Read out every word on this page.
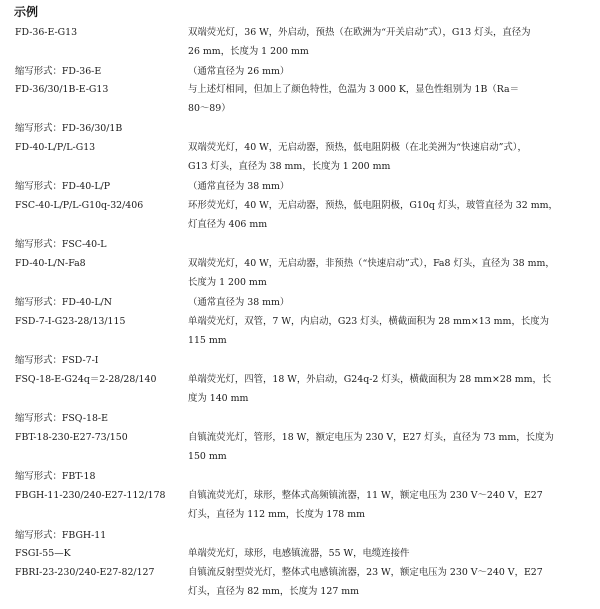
示例
FD-36-E-G13	双端荧光灯，36 W，外启动，预热（在欧洲为“开关启动”式），G13 灯头，直径为
26 mm，长度为 1 200 mm
缩写形式：FD-36-E	（通常直径为 26 mm）
FD-36/30/1B-E-G13	与上述灯相同，但加上了颜色特性，色温为 3 000 K，显色性组别为 1B（Ra＝
80～89）
缩写形式：FD-36/30/1B
FD-40-L/P/L-G13	双端荧光灯，40 W，无启动器，预热，低电阻阴极（在北美洲为“快速启动”式），
G13 灯头，直径为 38 mm，长度为 1 200 mm
缩写形式：FD-40-L/P	（通常直径为 38 mm）
FSC-40-L/P/L-G10q-32/406	环形荧光灯，40 W，无启动器，预热，低电阻阴极，G10q 灯头，玻管直径为 32 mm，
灯直径为 406 mm
缩写形式：FSC-40-L
FD-40-L/N-Fa8	双端荧光灯，40 W，无启动器，非预热（“快速启动”式），Fa8 灯头，直径为 38 mm，
长度为 1 200 mm
缩写形式：FD-40-L/N	（通常直径为 38 mm）
FSD-7-I-G23-28/13/115	单端荧光灯，双管，7 W，内启动，G23 灯头，横截面积为 28 mm×13 mm，长度为
115 mm
缩写形式：FSD-7-I
FSQ-18-E-G24q＝2-28/28/140	单端荧光灯，四管，18 W，外启动，G24q-2 灯头，横截面积为 28 mm×28 mm，长
度为 140 mm
缩写形式：FSQ-18-E
FBT-18-230-E27-73/150	自镇流荧光灯，管形，18 W，额定电压为 230 V，E27 灯头，直径为 73 mm，长度为
150 mm
缩写形式：FBT-18
FBGH-11-230/240-E27-112/178 自镇流荧光灯，球形，整体式高频镇流器，11 W，额定电压为 230 V～240 V，E27
灯头，直径为 112 mm，长度为 178 mm
缩写形式：FBGH-11
FSGI-55—K	单端荧光灯，球形，电感镇流器，55 W，电缆连接件
FBRI-23-230/240-E27-82/127	自镇流反射型荧光灯，整体式电感镇流器，23 W，额定电压为 230 V～240 V，E27
灯头，直径为 82 mm，长度为 127 mm
